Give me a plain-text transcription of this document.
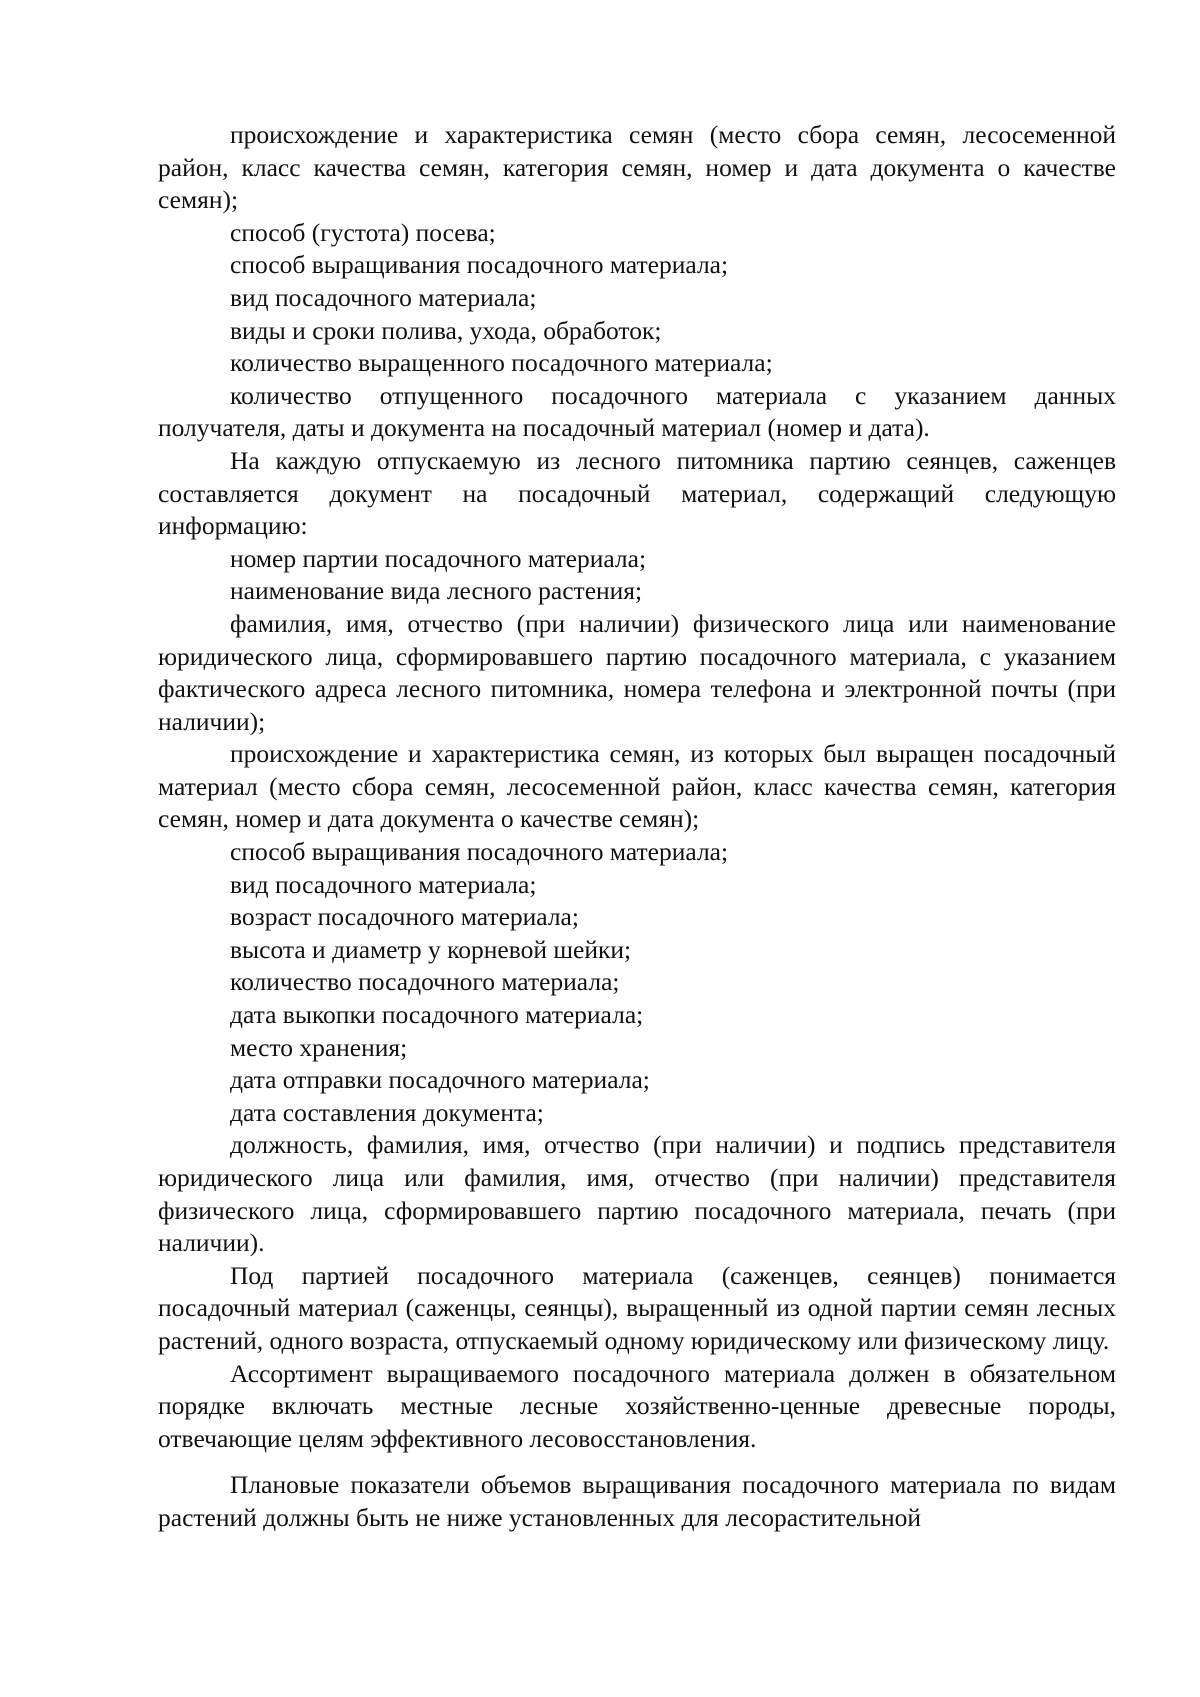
происхождение и характеристика семян (место сбора семян, лесосеменной район, класс качества семян, категория семян, номер и дата документа о качестве семян);

способ (густота) посева;

способ выращивания посадочного материала;

вид посадочного материала;

виды и сроки полива, ухода, обработок;

количество выращенного посадочного материала;

количество отпущенного посадочного материала с указанием данных получателя, даты и документа на посадочный материал (номер и дата).

На каждую отпускаемую из лесного питомника партию сеянцев, саженцев составляется документ на посадочный материал, содержащий следующую информацию:

номер партии посадочного материала;

наименование вида лесного растения;

фамилия, имя, отчество (при наличии) физического лица или наименование юридического лица, сформировавшего партию посадочного материала, с указанием фактического адреса лесного питомника, номера телефона и электронной почты (при наличии);

происхождение и характеристика семян, из которых был выращен посадочный материал (место сбора семян, лесосеменной район, класс качества семян, категория семян, номер и дата документа о качестве семян);

способ выращивания посадочного материала;

вид посадочного материала;

возраст посадочного материала;

высота и диаметр у корневой шейки;

количество посадочного материала;

дата выкопки посадочного материала;

место хранения;

дата отправки посадочного материала;

дата составления документа;

должность, фамилия, имя, отчество (при наличии) и подпись представителя юридического лица или фамилия, имя, отчество (при наличии) представителя физического лица, сформировавшего партию посадочного материала, печать (при наличии).

Под партией посадочного материала (саженцев, сеянцев) понимается посадочный материал (саженцы, сеянцы), выращенный из одной партии семян лесных растений, одного возраста, отпускаемый одному юридическому или физическому лицу.

Ассортимент выращиваемого посадочного материала должен в обязательном порядке включать местные лесные хозяйственно-ценные древесные породы, отвечающие целям эффективного лесовосстановления.

Плановые показатели объемов выращивания посадочного материала по видам растений должны быть не ниже установленных для лесорастительной
